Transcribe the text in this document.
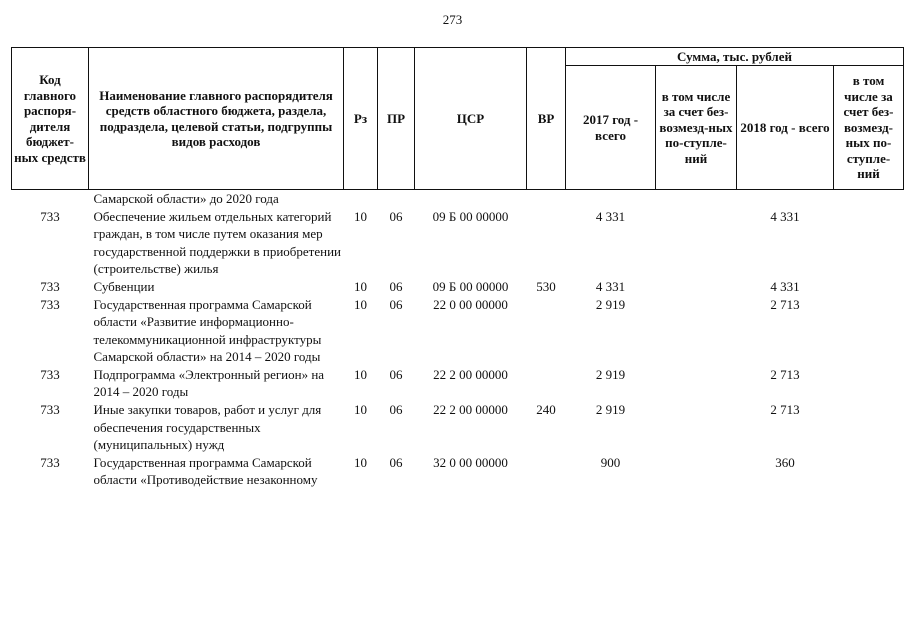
273
Код главного распоря-дителя бюджет-ных средств	Наименование главного распорядителя средств областного бюджета, раздела, подраздела, целевой статьи, подгруппы видов расходов	Рз	ПР	ЦСР	ВР	Сумма, тыс. рублей			
						2017 год - всего	в том числе за счет без-возмезд-ных по-ступле-ний	2018 год - всего	в том числе за счет без-возмезд-ных по-ступле-ний
	Самарской области» до 2020 года								
733	Обеспечение жильем отдельных категорий граждан, в том числе путем оказания мер государственной поддержки в приобретении (строительстве) жилья	10	06	09 Б 00 00000		4 331		4 331	
733	Субвенции	10	06	09 Б 00 00000	530	4 331		4 331	
733	Государственная программа Самарской области «Развитие информационно-телекоммуникационной инфраструктуры Самарской области» на 2014 – 2020 годы	10	06	22 0 00 00000		2 919		2 713	
733	Подпрограмма «Электронный регион» на 2014 – 2020 годы	10	06	22 2 00 00000		2 919		2 713	
733	Иные закупки товаров, работ и услуг для обеспечения государственных (муниципальных) нужд	10	06	22 2 00 00000	240	2 919		2 713	
733	Государственная программа Самарской области «Противодействие незаконному	10	06	32 0 00 00000		900		360	
